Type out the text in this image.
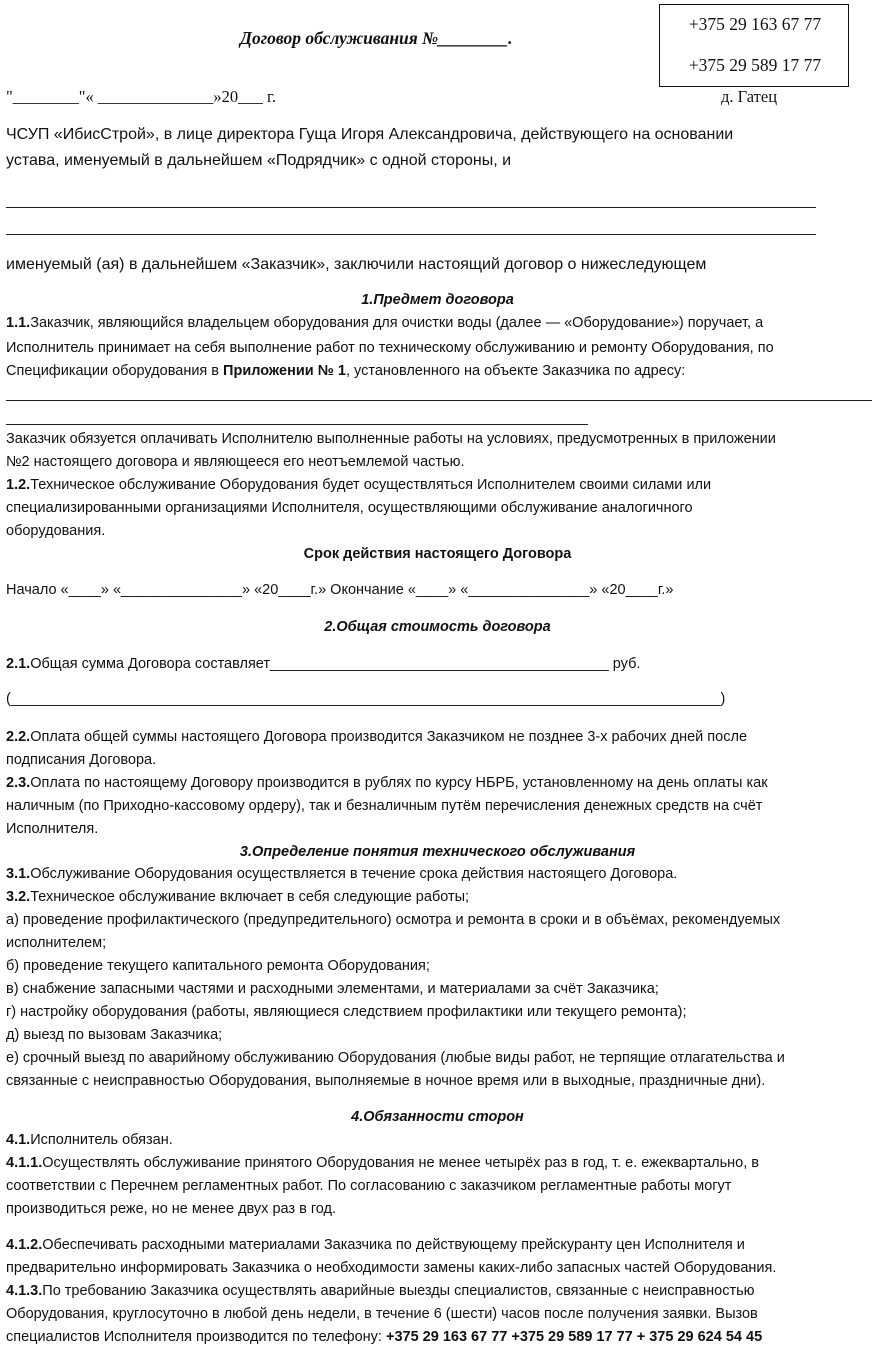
Договор обслуживания №________.
+375 29 163 67 77
+375 29 589 17 77
"________"« ______________»20___ г.	д. Гатец
ЧСУП «ИбисСтрой», в лице директора Гуща Игоря Александровича, действующего на основании
устава, именуемый в дальнейшем «Подрядчик» с одной стороны, и
именуемый (ая) в дальнейшем «Заказчик», заключили настоящий договор о нижеследующем
1.Предмет договора
1.1.Заказчик, являющийся владельцем оборудования для очистки воды (далее — «Оборудование») поручает, а
Исполнитель принимает на себя выполнение работ по техническому обслуживанию и ремонту Оборудования, по
Спецификации оборудования в Приложении № 1, установленного на объекте Заказчика по адресу:
Заказчик обязуется оплачивать Исполнителю выполненные работы на условиях, предусмотренных в приложении
№2 настоящего договора и являющееся его неотъемлемой частью.
1.2.Техническое обслуживание Оборудования будет осуществляться Исполнителем своими силами или
специализированными организациями Исполнителя, осуществляющими обслуживание аналогичного
оборудования.
Срок действия настоящего Договора
Начало «____» «_______________» «20____г.» Окончание «____» «_______________» «20____г.»
2.Общая стоимость договора
2.1.Общая сумма Договора составляет__________________________________________ руб.
(________________________________________________________________________________________)
2.2.Оплата общей суммы настоящего Договора производится Заказчиком не позднее 3-х рабочих дней после
подписания Договора.
2.3.Оплата по настоящему Договору производится в рублях по курсу НБРБ, установленному на день оплаты как
наличным (по Приходно-кассовому ордеру), так и безналичным путём перечисления денежных средств на счёт
Исполнителя.
3.Определение понятия технического обслуживания
3.1.Обслуживание Оборудования осуществляется в течение срока действия настоящего Договора.
3.2.Техническое обслуживание включает в себя следующие работы;
а) проведение профилактического (предупредительного) осмотра и ремонта в сроки и в объёмах, рекомендуемых
исполнителем;
б) проведение текущего капитального ремонта Оборудования;
в) снабжение запасными частями и расходными элементами, и материалами за счёт Заказчика;
г) настройку оборудования (работы, являющиеся следствием профилактики или текущего ремонта);
д) выезд по вызовам Заказчика;
е) срочный выезд по аварийному обслуживанию Оборудования (любые виды работ, не терпящие отлагательства и
связанные с неисправностью Оборудования, выполняемые в ночное время или в выходные, праздничные дни).
4.Обязанности сторон
4.1.Исполнитель обязан.
4.1.1.Осуществлять обслуживание принятого Оборудования не менее четырёх раз в год, т. е. ежеквартально, в
соответствии с Перечнем регламентных работ. По согласованию с заказчиком регламентные работы могут
производиться реже, но не менее двух раз в год.
4.1.2.Обеспечивать расходными материалами Заказчика по действующему прейскуранту цен Исполнителя и
предварительно информировать Заказчика о необходимости замены каких-либо запасных частей Оборудования.
4.1.3.По требованию Заказчика осуществлять аварийные выезды специалистов, связанные с неисправностью
Оборудования, круглосуточно в любой день недели, в течение 6 (шести) часов после получения заявки. Вызов
специалистов Исполнителя производится по телефону: +375 29 163 67 77 +375 29 589 17 77 + 375 29 624 54 45
